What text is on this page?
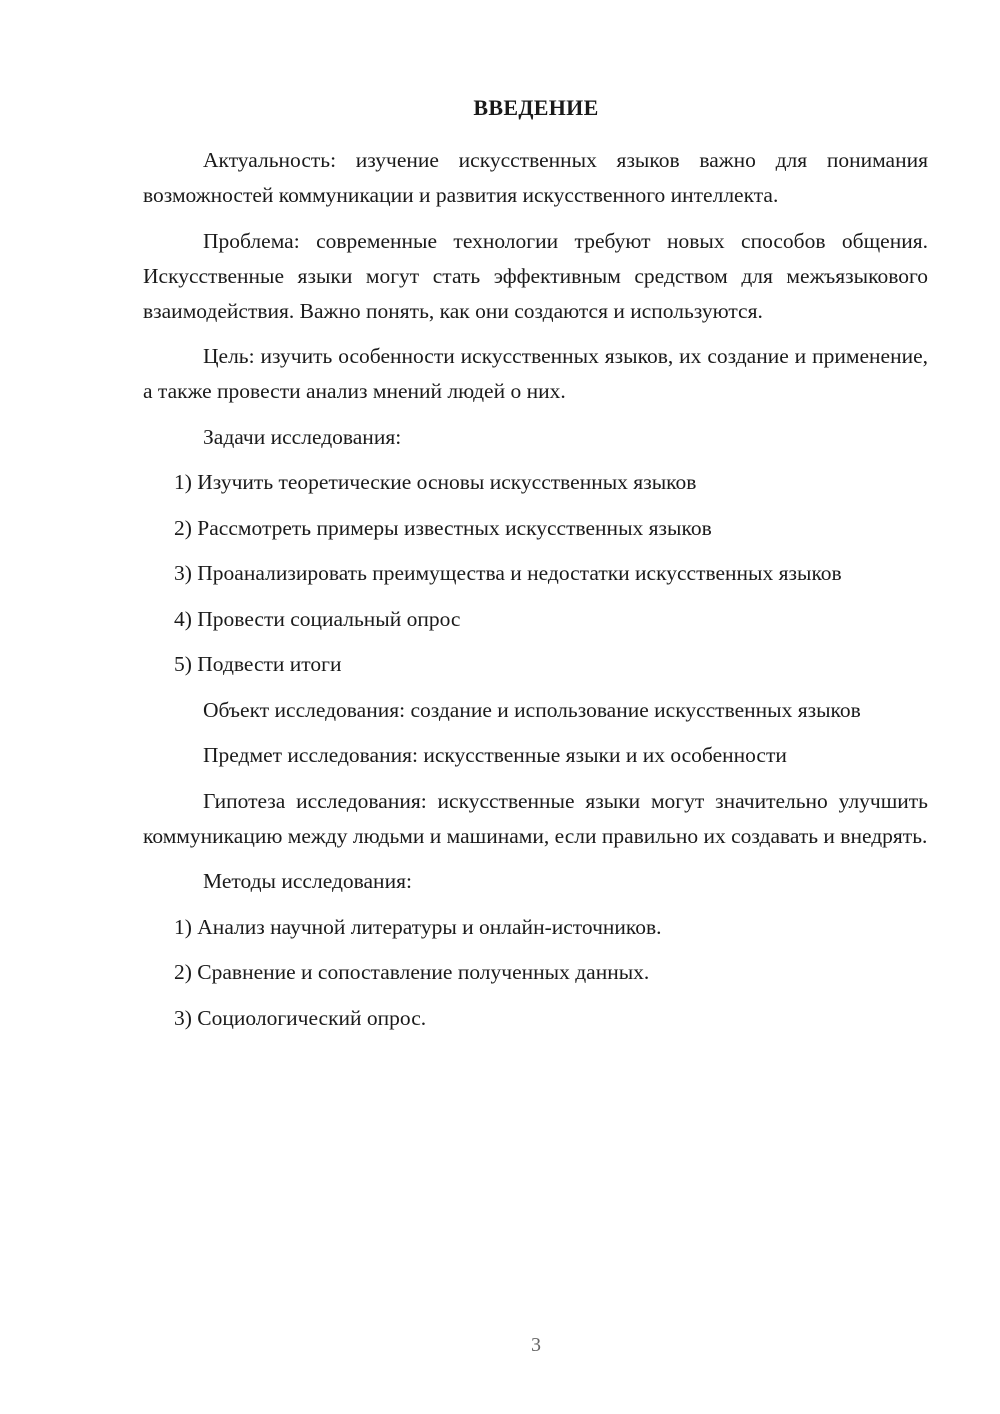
ВВЕДЕНИЕ

Актуальность: изучение искусственных языков важно для понимания возможностей коммуникации и развития искусственного интеллекта.

Проблема: современные технологии требуют новых способов общения. Искусственные языки могут стать эффективным средством для межъязыкового взаимодействия. Важно понять, как они создаются и используются.

Цель: изучить особенности искусственных языков, их создание и применение, а также провести анализ мнений людей о них.

Задачи исследования:

1) Изучить теоретические основы искусственных языков

2) Рассмотреть примеры известных искусственных языков

3) Проанализировать преимущества и недостатки искусственных языков

4) Провести социальный опрос

5) Подвести итоги

Объект исследования: создание и использование искусственных языков

Предмет исследования: искусственные языки и их особенности

Гипотеза исследования: искусственные языки могут значительно улучшить коммуникацию между людьми и машинами, если правильно их создавать и внедрять.

Методы исследования:

1) Анализ научной литературы и онлайн-источников.

2) Сравнение и сопоставление полученных данных.

3) Социологический опрос.

3
